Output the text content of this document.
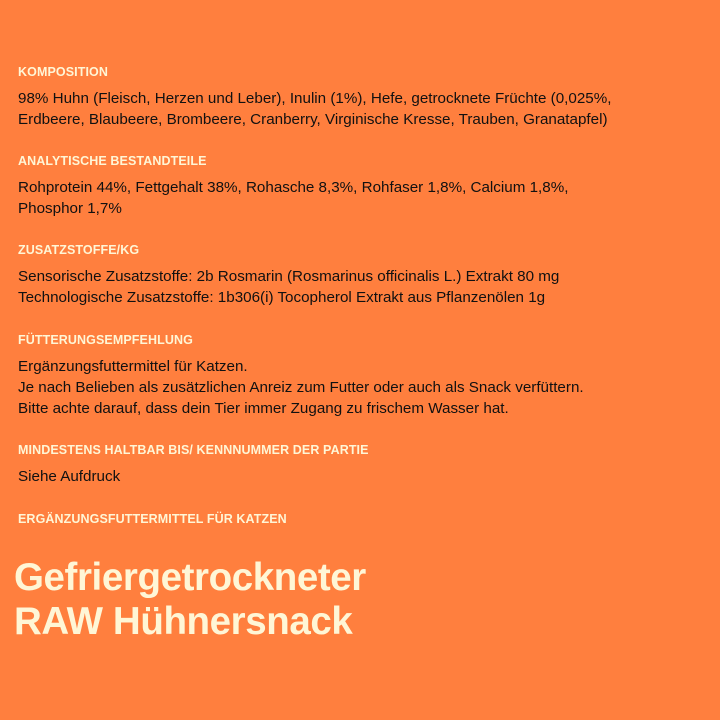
KOMPOSITION
98% Huhn (Fleisch, Herzen und Leber), Inulin (1%), Hefe, getrocknete Früchte (0,025%,
Erdbeere, Blaubeere, Brombeere, Cranberry, Virginische Kresse, Trauben, Granatapfel)
ANALYTISCHE BESTANDTEILE
Rohprotein 44%, Fettgehalt 38%, Rohasche 8,3%, Rohfaser 1,8%, Calcium 1,8%,
Phosphor 1,7%
ZUSATZSTOFFE/KG
Sensorische Zusatzstoffe: 2b Rosmarin (Rosmarinus officinalis L.) Extrakt 80 mg
Technologische Zusatzstoffe: 1b306(i) Tocopherol Extrakt aus Pflanzenölen 1g
FÜTTERUNGSEMPFEHLUNG
Ergänzungsfuttermittel für Katzen.
Je nach Belieben als zusätzlichen Anreiz zum Futter oder auch als Snack verfüttern.
Bitte achte darauf, dass dein Tier immer Zugang zu frischem Wasser hat.
MINDESTENS HALTBAR BIS/ KENNNUMMER DER PARTIE
Siehe Aufdruck
ERGÄNZUNGSFUTTERMITTEL FÜR KATZEN
Gefriergetrockneter
RAW Hühnersnack
